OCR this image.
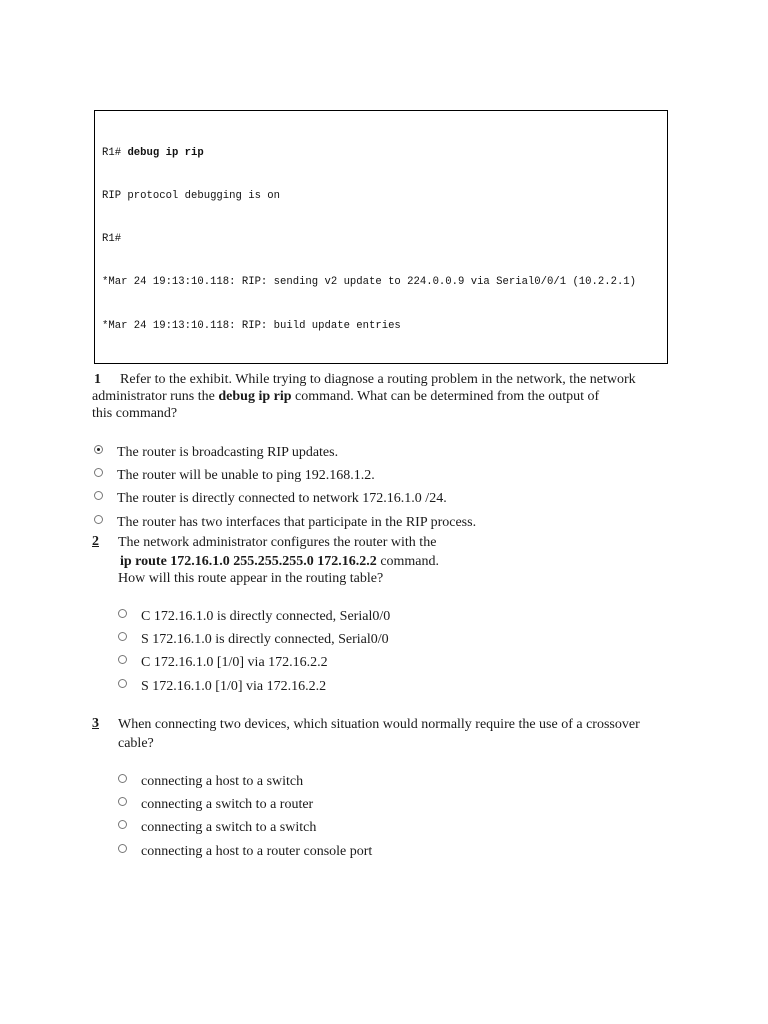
R1# debug ip rip

RIP protocol debugging is on

R1#

*Mar 24 19:13:10.118: RIP: sending v2 update to 224.0.0.9 via Serial0/0/1 (10.2.2.1)

*Mar 24 19:13:10.118: RIP: build update entries

1	Refer to the exhibit. While trying to diagnose a routing problem in the network, the network administrator runs the debug ip rip command. What can be determined from the output of
this command?
The router is broadcasting RIP updates.
The router will be unable to ping 192.168.1.2.
The router is directly connected to network 172.16.1.0 /24.
The router has two interfaces that participate in the RIP process.
2 The network administrator configures the router with the
ip route 172.16.1.0 255.255.255.0 172.16.2.2 command.
How will this route appear in the routing table?
C 172.16.1.0 is directly connected, Serial0/0
S 172.16.1.0 is directly connected, Serial0/0
C 172.16.1.0 [1/0] via 172.16.2.2
S 172.16.1.0 [1/0] via 172.16.2.2
3 When connecting two devices, which situation would normally require the use of a crossover
cable?
connecting a host to a switch
connecting a switch to a router
connecting a switch to a switch
connecting a host to a router console port
